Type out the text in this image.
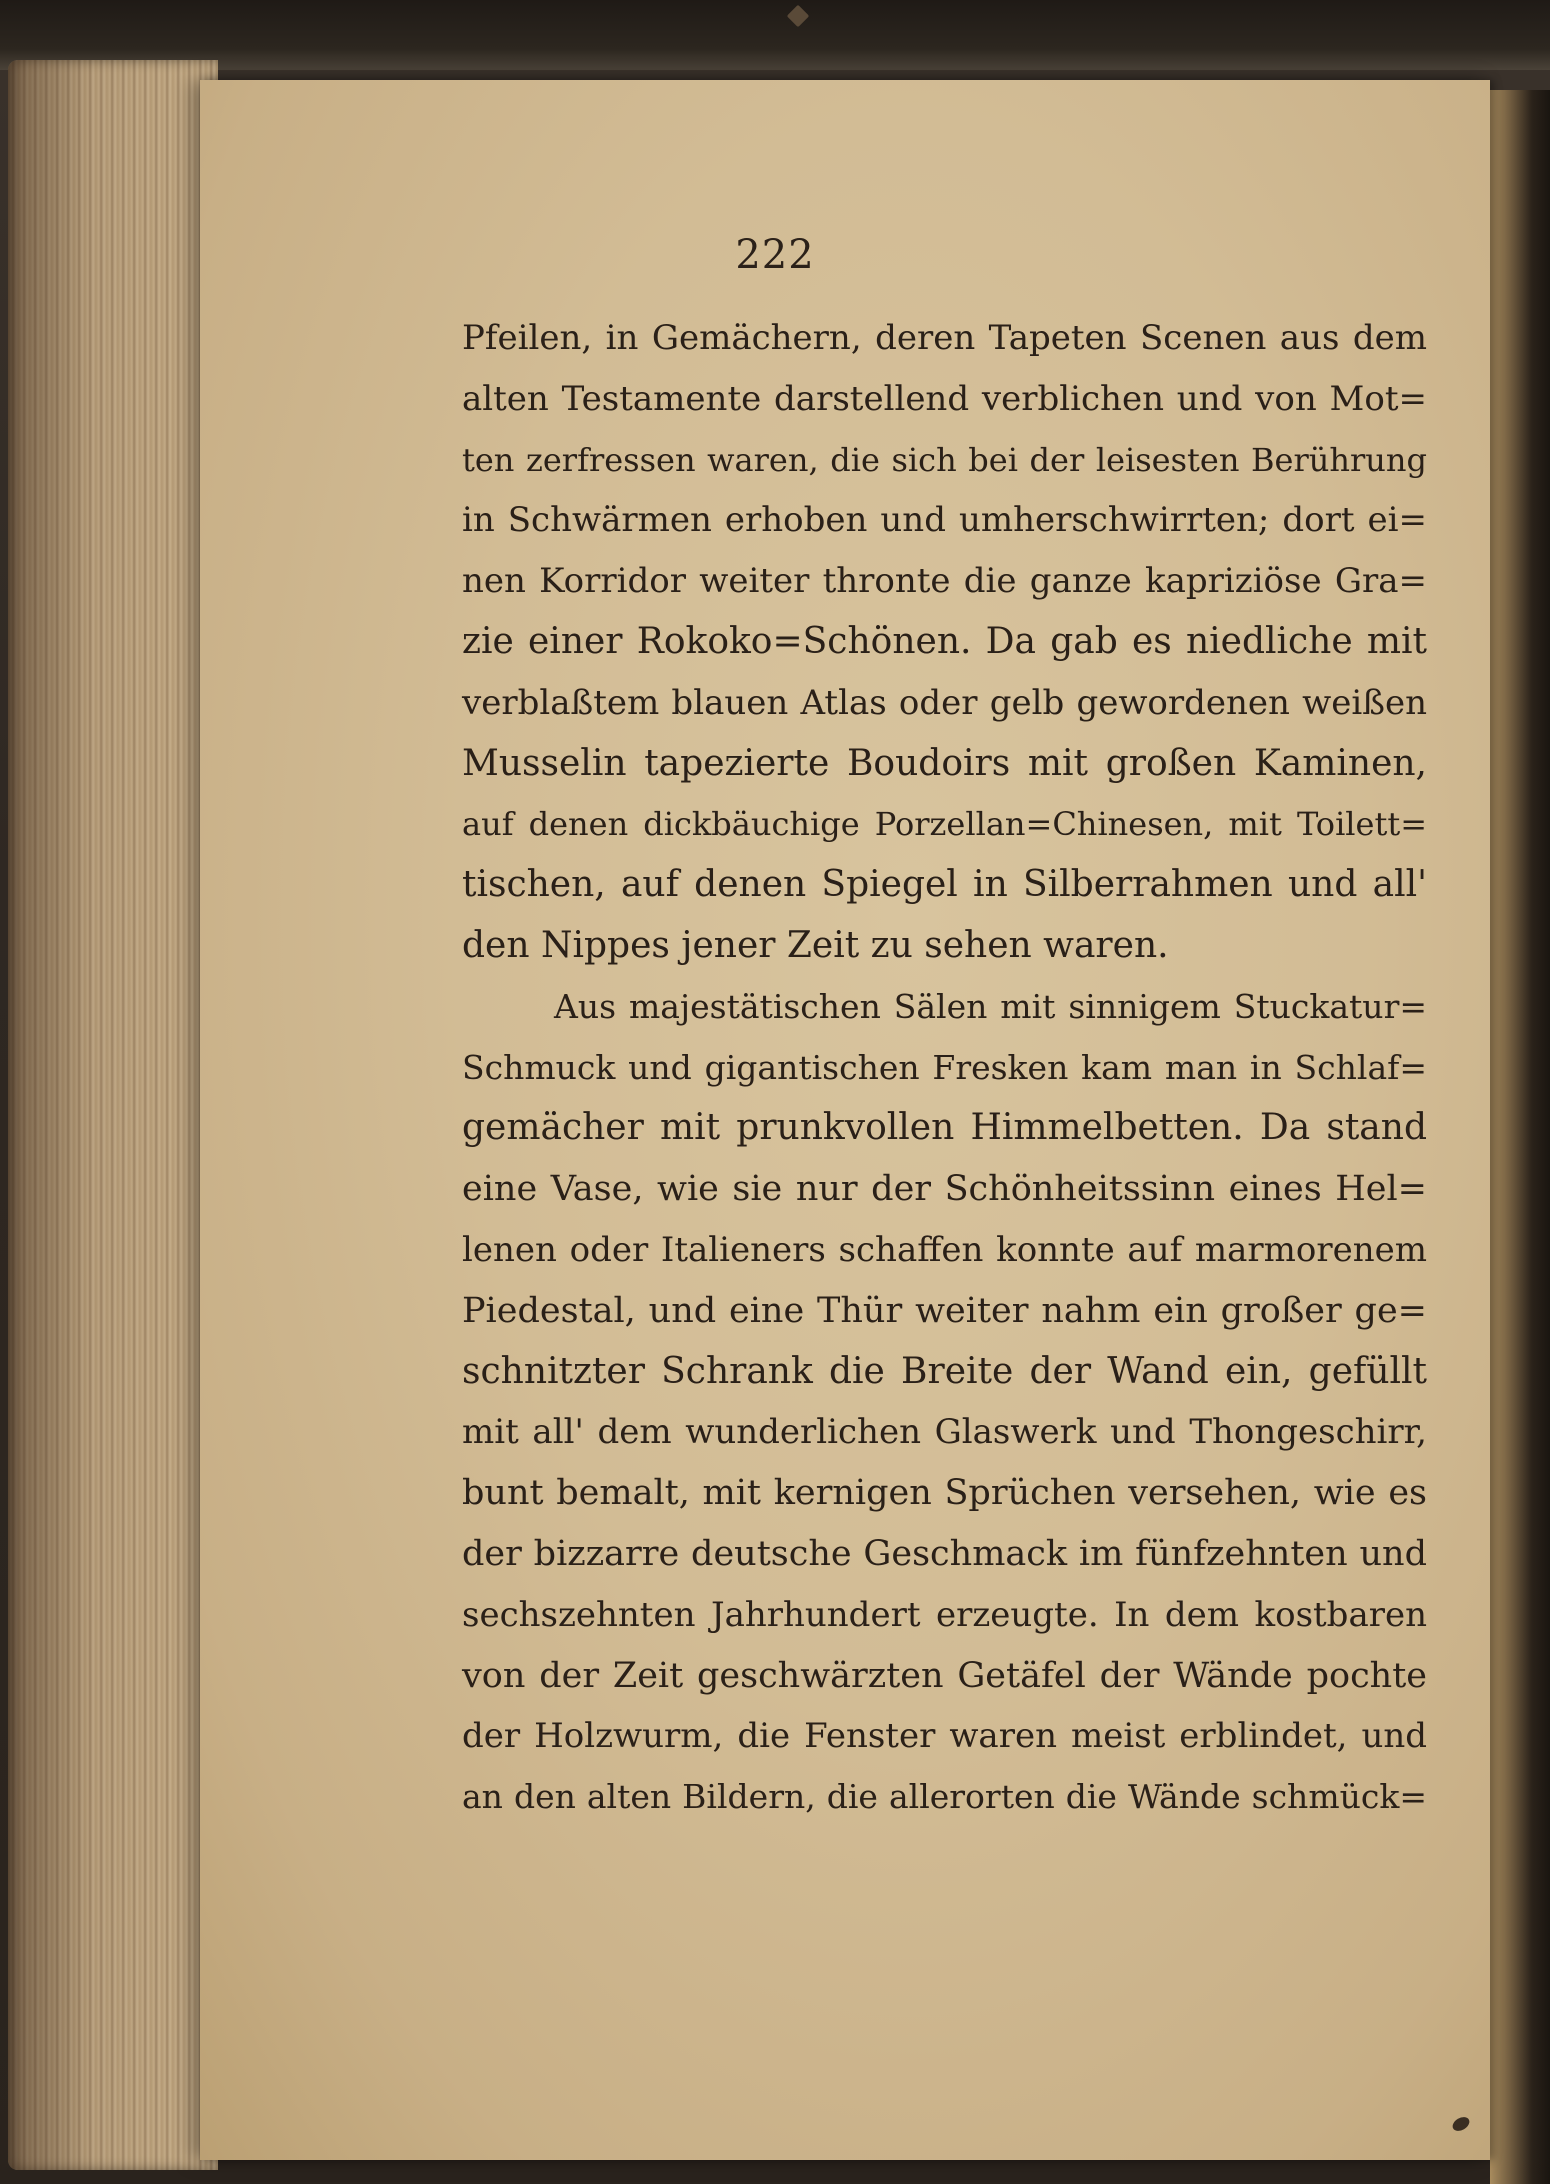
222
Pfeilen, in Gemächern, deren Tapeten Scenen aus dem
alten Testamente darstellend verblichen und von Mot=
ten zerfressen waren, die sich bei der leisesten Berührung
in Schwärmen erhoben und umherschwirrten; dort ei=
nen Korridor weiter thronte die ganze kapriziöse Gra=
zie einer Rokoko=Schönen. Da gab es niedliche mit
verblaßtem blauen Atlas oder gelb gewordenen weißen
Musselin tapezierte Boudoirs mit großen Kaminen,
auf denen dickbäuchige Porzellan=Chinesen, mit Toilett=
tischen, auf denen Spiegel in Silberrahmen und all'
den Nippes jener Zeit zu sehen waren.
Aus majestätischen Sälen mit sinnigem Stuckatur=
Schmuck und gigantischen Fresken kam man in Schlaf=
gemächer mit prunkvollen Himmelbetten. Da stand
eine Vase, wie sie nur der Schönheitssinn eines Hel=
lenen oder Italieners schaffen konnte auf marmorenem
Piedestal, und eine Thür weiter nahm ein großer ge=
schnitzter Schrank die Breite der Wand ein, gefüllt
mit all' dem wunderlichen Glaswerk und Thongeschirr,
bunt bemalt, mit kernigen Sprüchen versehen, wie es
der bizzarre deutsche Geschmack im fünfzehnten und
sechszehnten Jahrhundert erzeugte. In dem kostbaren
von der Zeit geschwärzten Getäfel der Wände pochte
der Holzwurm, die Fenster waren meist erblindet, und
an den alten Bildern, die allerorten die Wände schmück=
